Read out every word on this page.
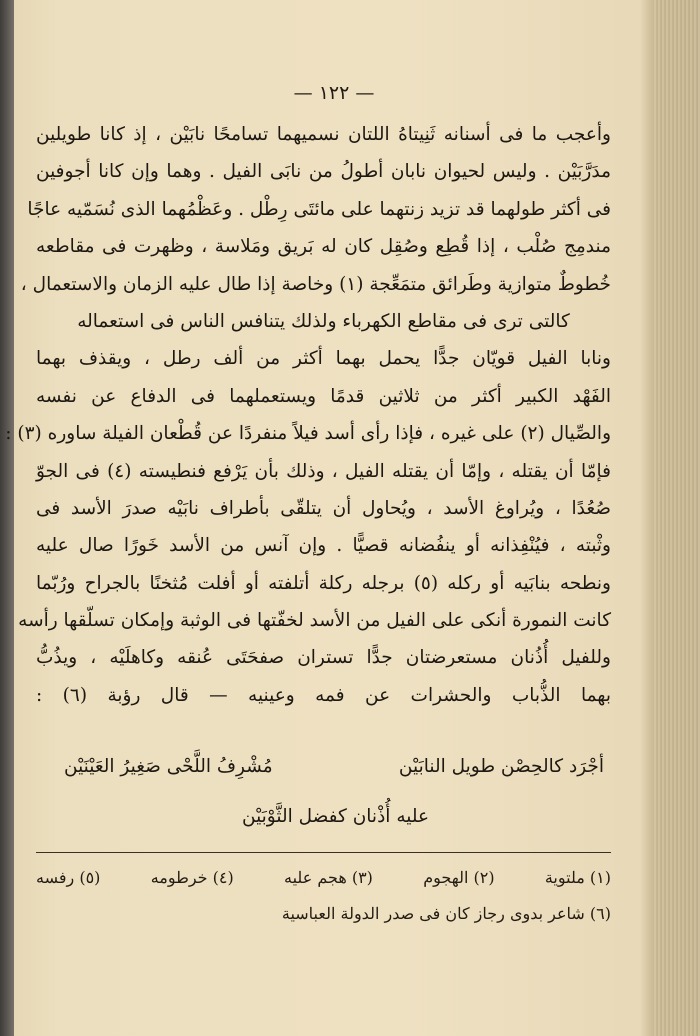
— ١٢٢ —
وأعجب ما فى أسنانه ثَنِيتاهُ اللتان نسميهما تسامحًا نابَيْن ، إذ كانا طويلين
مدَرَّبَيْن . وليس لحيوان نابان أطولُ من نابَى الفيل . وهما وإن كانا أجوفين
فى أكثر طولهما قد تزيد زنتهما على مائتَى رِطْل . وعَظْمُهما الذى نُسَمّيه عاجًا
مندمِج صُلْب ، إذا قُطِع وصُقِل كان له بَريق ومَلاسة ، وظهرت فى مقاطعه
خُطوطٌ متوازية وطَرائق متمَعِّجة (١) وخاصة إذا طال عليه الزمان والاستعمال ،
كالتى ترى فى مقاطع الكهرباء ولذلك يتنافس الناس فى استعماله
ونابا الفيل قويّان جدًّا يحمل بهما أكثر من ألف رطل ، ويقذف بهما
الفَهْد الكبير أكثر من ثلاثين قدمًا ويستعملهما فى الدفاع عن نفسه
والصِّيال (٢) على غيره ، فإذا رأى أسد فيلاً منفردًا عن قُطْعان الفيلة ساوره (٣) :
فإمّا أن يقتله ، وإمّا أن يقتله الفيل ، وذلك بأن يَرْفع فنطيسته (٤) فى الجوّ
صُعُدًا ، ويُراوغ الأسد ، ويُحاول أن يتلقّى بأطراف نابَيْه صدرَ الأسد فى
وثْبته ، فيُنْفِذانه أو ينفُضانه قصيًّا . وإن آنس من الأسد خَورًا صال عليه
ونطحه بنابَيه أو ركله (٥) برجله ركلة أتلفته أو أفلت مُثخنًا بالجراح ورُبّما
كانت النمورة أنكى على الفيل من الأسد لخفّتها فى الوثبة وإمكان تسلّقها رأسه
وللفيل أُذُنان مستعرضتان جدًّا تستران صفحَتَى عُنقه وكاهلَيْه ، ويذُبُّ
بهما الذُّباب والحشرات عن فمه وعينيه — قال رؤبة (٦) :
أجْرَد كالحِصْن طويل النابَيْن
مُشْرِفُ اللَّحْى صَغِيرُ العَيْنَيْن
عليه أُذْنان كفضل الثَّوْبَيْن
(١) ملتوية
(٢) الهجوم
(٣) هجم عليه
(٤) خرطومه
(٥) رفسه
(٦) شاعر بدوى رجاز كان فى صدر الدولة العباسية
